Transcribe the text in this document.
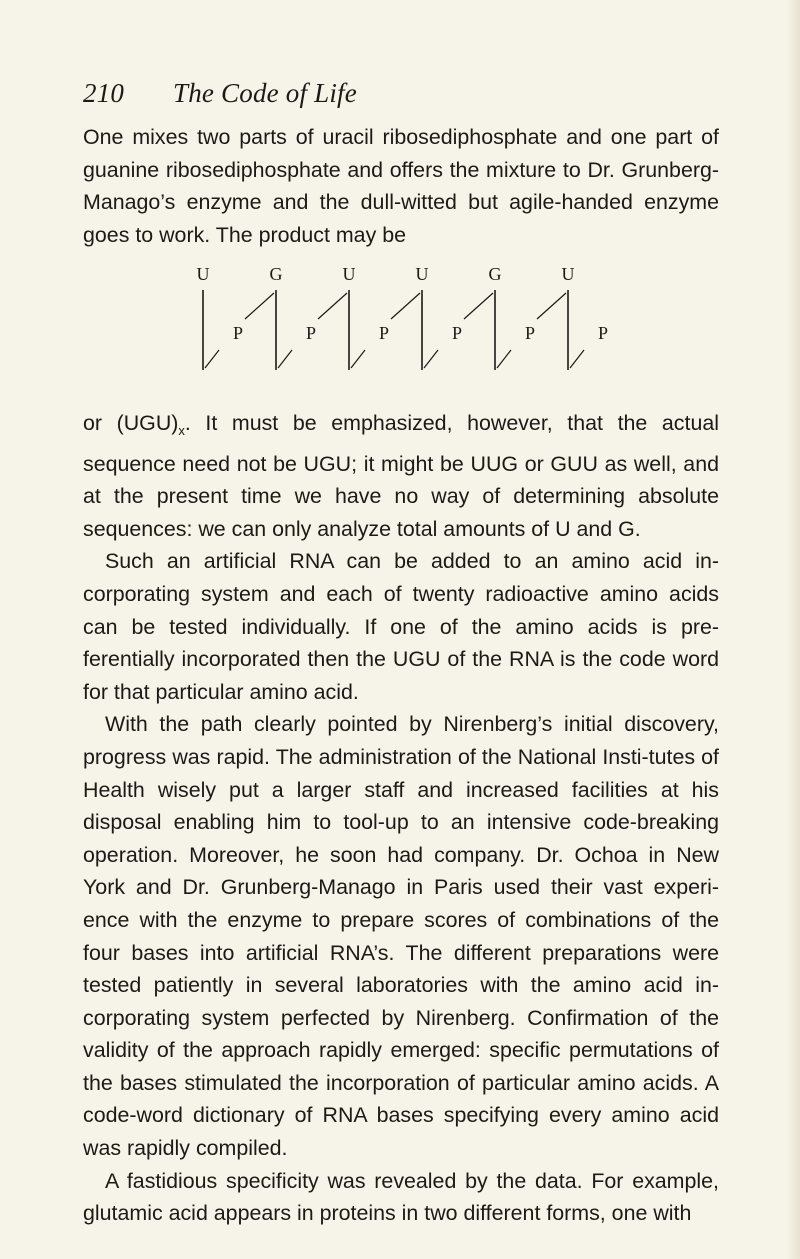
210 The Code of Life

One mixes two parts of uracil ribosediphosphate and one part of guanine ribosediphosphate and offers the mixture to Dr. Grunberg-Manago’s enzyme and the dull-witted but agile-handed enzyme goes to work. The product may be

U
P
G
P
U
P
U
P
G
P
U
P

or $(UGU)_x$. It must be emphasized, however, that the actual sequence need not be UGU; it might be UUG or GUU as well, and at the present time we have no way of determining absolute sequences: we can only analyze total amounts of U and G.

Such an artificial RNA can be added to an amino acid in-corporating system and each of twenty radioactive amino acids can be tested individually. If one of the amino acids is pre-ferentially incorporated then the UGU of the RNA is the code word for that particular amino acid.

With the path clearly pointed by Nirenberg’s initial discovery, progress was rapid. The administration of the National Insti-tutes of Health wisely put a larger staff and increased facilities at his disposal enabling him to tool-up to an intensive code-breaking operation. Moreover, he soon had company. Dr. Ochoa in New York and Dr. Grunberg-Manago in Paris used their vast experi-ence with the enzyme to prepare scores of combinations of the four bases into artificial RNA’s. The different preparations were tested patiently in several laboratories with the amino acid in-corporating system perfected by Nirenberg. Confirmation of the validity of the approach rapidly emerged: specific permutations of the bases stimulated the incorporation of particular amino acids. A code-word dictionary of RNA bases specifying every amino acid was rapidly compiled.

A fastidious specificity was revealed by the data. For example, glutamic acid appears in proteins in two different forms, one with
